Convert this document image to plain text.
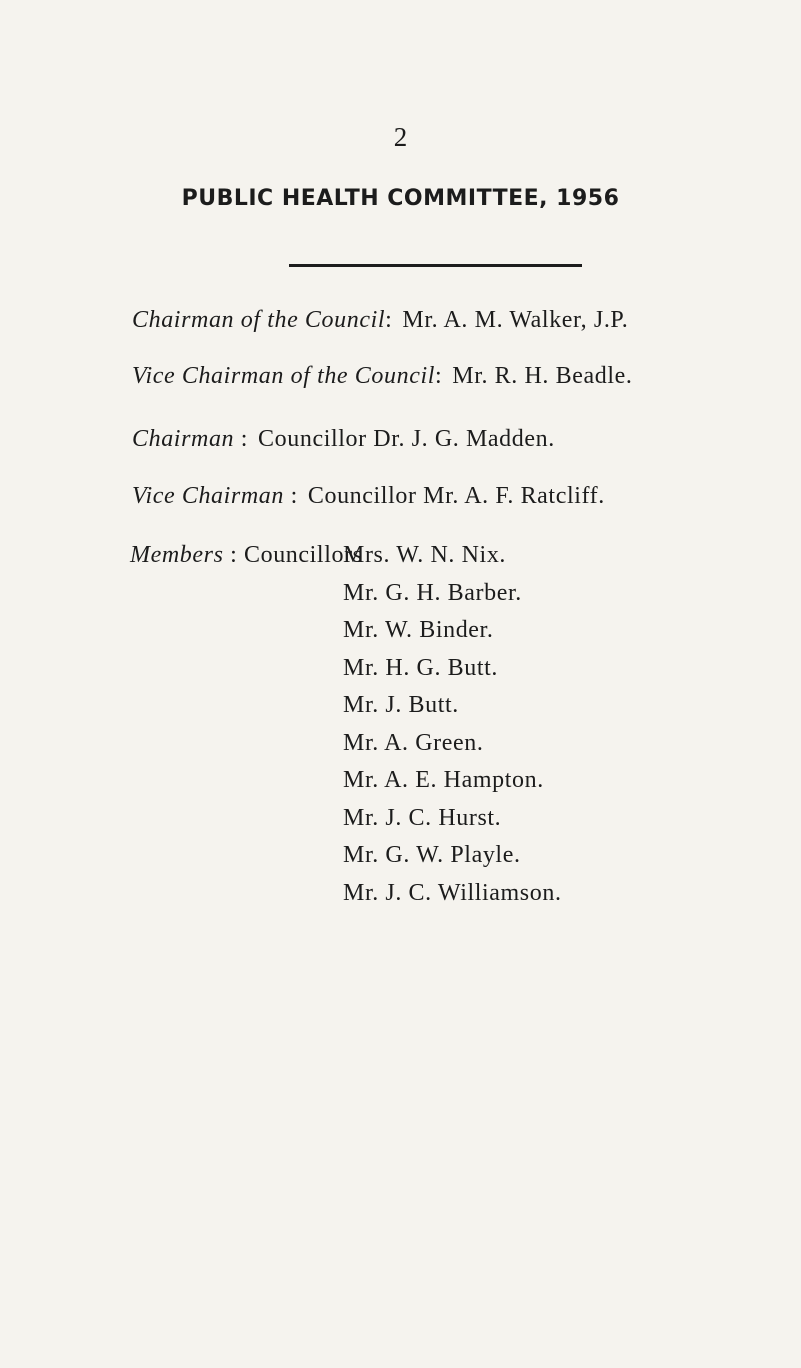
2
PUBLIC HEALTH COMMITTEE, 1956
Chairman of the Council: Mr. A. M. Walker, J.P.
Vice Chairman of the Council: Mr. R. H. Beadle.
Chairman : Councillor Dr. J. G. Madden.
Vice Chairman : Councillor Mr. A. F. Ratcliff.
Members : Councillors
Mrs. W. N. Nix.
Mr. G. H. Barber.
Mr. W. Binder.
Mr. H. G. Butt.
Mr. J. Butt.
Mr. A. Green.
Mr. A. E. Hampton.
Mr. J. C. Hurst.
Mr. G. W. Playle.
Mr. J. C. Williamson.
